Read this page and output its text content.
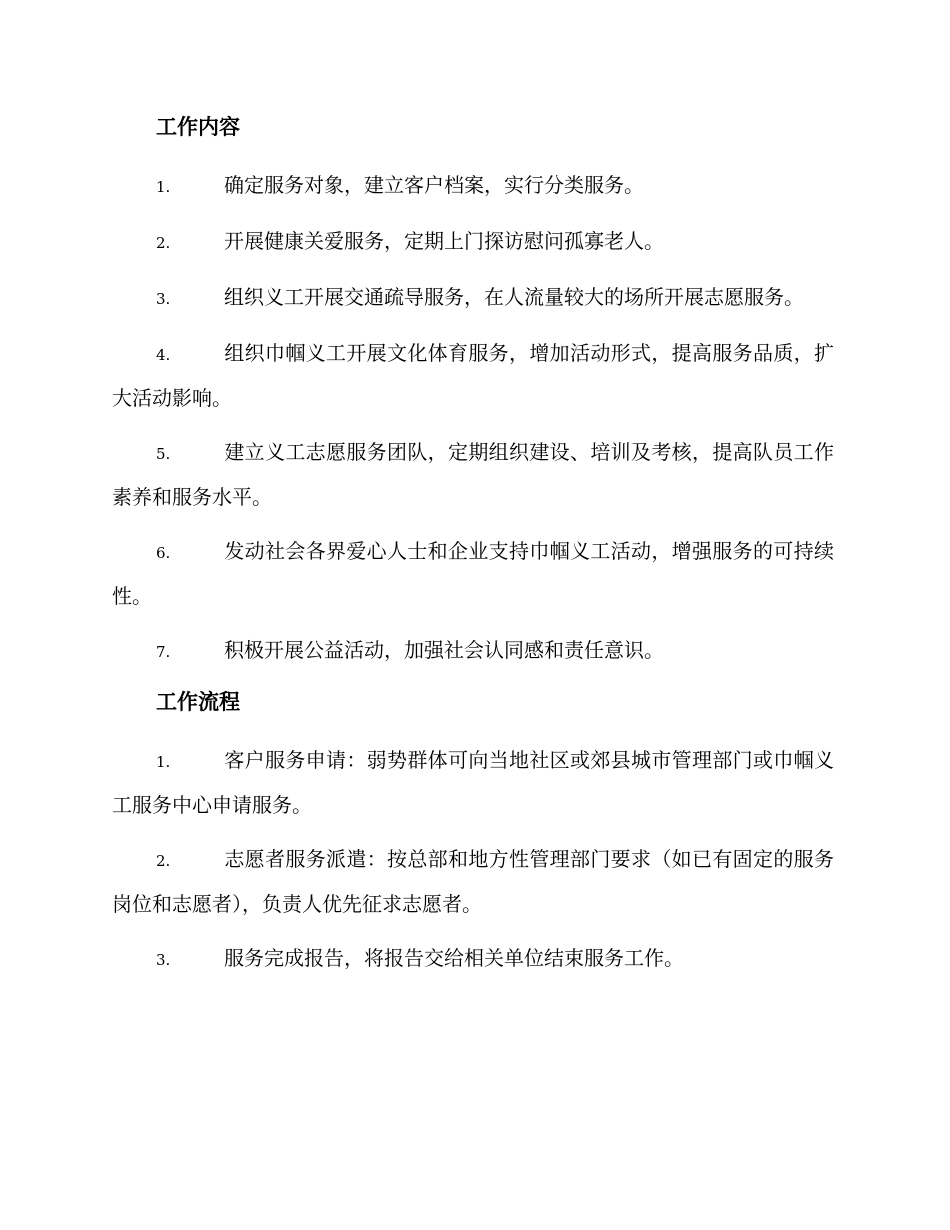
工作内容
1.	确定服务对象，建立客户档案，实行分类服务。
2.	开展健康关爱服务，定期上门探访慰问孤寡老人。
3.	组织义工开展交通疏导服务，在人流量较大的场所开展志愿服务。
4.	组织巾帼义工开展文化体育服务，增加活动形式，提高服务品质，扩大活动影响。
5.	建立义工志愿服务团队，定期组织建设、培训及考核，提高队员工作素养和服务水平。
6.	发动社会各界爱心人士和企业支持巾帼义工活动，增强服务的可持续性。
7.	积极开展公益活动，加强社会认同感和责任意识。
工作流程
1.	客户服务申请：弱势群体可向当地社区或郊县城市管理部门或巾帼义工服务中心申请服务。
2.	志愿者服务派遣：按总部和地方性管理部门要求（如已有固定的服务岗位和志愿者），负责人优先征求志愿者。
3.	服务完成报告，将报告交给相关单位结束服务工作。
